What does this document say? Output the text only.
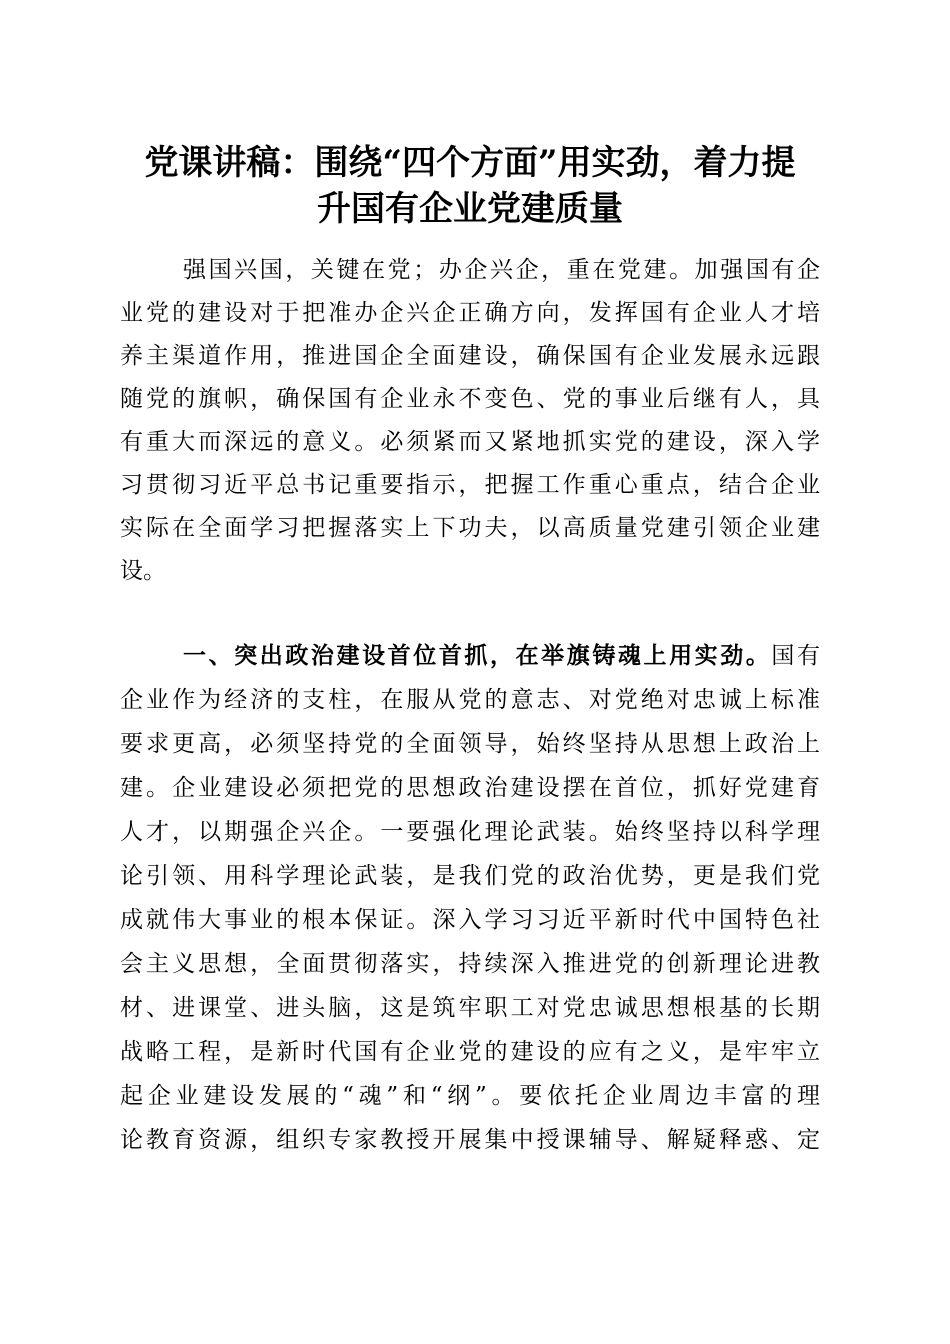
党课讲稿：围绕“四个方面”用实劲，着力提
升国有企业党建质量
强国兴国，关键在党；办企兴企，重在党建。加强国有企
业党的建设对于把准办企兴企正确方向，发挥国有企业人才培
养主渠道作用，推进国企全面建设，确保国有企业发展永远跟
随党的旗帜，确保国有企业永不变色、党的事业后继有人，具
有重大而深远的意义。必须紧而又紧地抓实党的建设，深入学
习贯彻习近平总书记重要指示，把握工作重心重点，结合企业
实际在全面学习把握落实上下功夫，以高质量党建引领企业建
设。
一、突出政治建设首位首抓，在举旗铸魂上用实劲。国有
企业作为经济的支柱，在服从党的意志、对党绝对忠诚上标准
要求更高，必须坚持党的全面领导，始终坚持从思想上政治上
建。企业建设必须把党的思想政治建设摆在首位，抓好党建育
人才，以期强企兴企。一要强化理论武装。始终坚持以科学理
论引领、用科学理论武装，是我们党的政治优势，更是我们党
成就伟大事业的根本保证。深入学习习近平新时代中国特色社
会主义思想，全面贯彻落实，持续深入推进党的创新理论进教
材、进课堂、进头脑，这是筑牢职工对党忠诚思想根基的长期
战略工程，是新时代国有企业党的建设的应有之义，是牢牢立
起企业建设发展的“魂”和“纲”。要依托企业周边丰富的理
论教育资源，组织专家教授开展集中授课辅导、解疑释惑、定
